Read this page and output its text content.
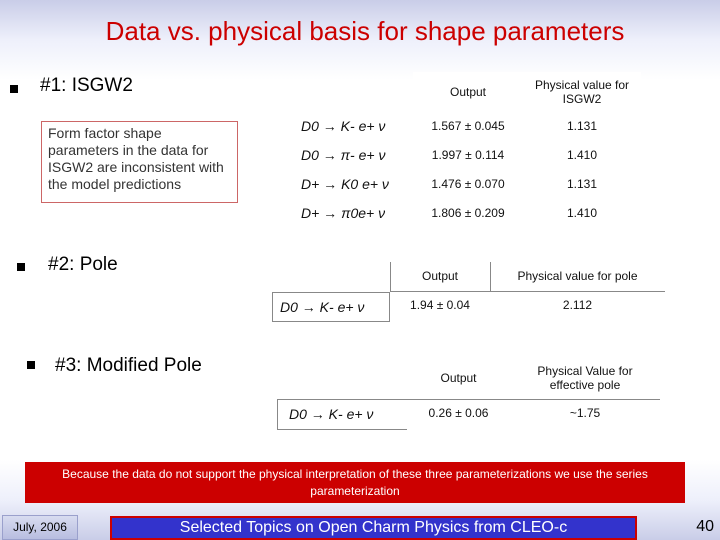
Data vs. physical basis for shape parameters
#1: ISGW2
Form factor shape parameters in the data for ISGW2 are inconsistent with the model predictions
Output	Physical value for ISGW2
D0 → K- e+ ν	1.567 ± 0.045	1.131
D0 → π- e+ ν	1.997 ± 0.114	1.410
D+ → K0 e+ ν	1.476 ± 0.070	1.131
D+ → π0e+ ν	1.806 ± 0.209	1.410
#2: Pole
Output	Physical value for pole
D0 → K- e+ ν	1.94 ± 0.04	2.112
#3: Modified Pole
Output	Physical Value for effective pole
D0 → K- e+ ν	0.26 ± 0.06	~1.75
Because the data do not support the physical interpretation of these three parameterizations we use the series parameterization
July, 2006	Selected Topics on Open Charm Physics from CLEO-c	40
